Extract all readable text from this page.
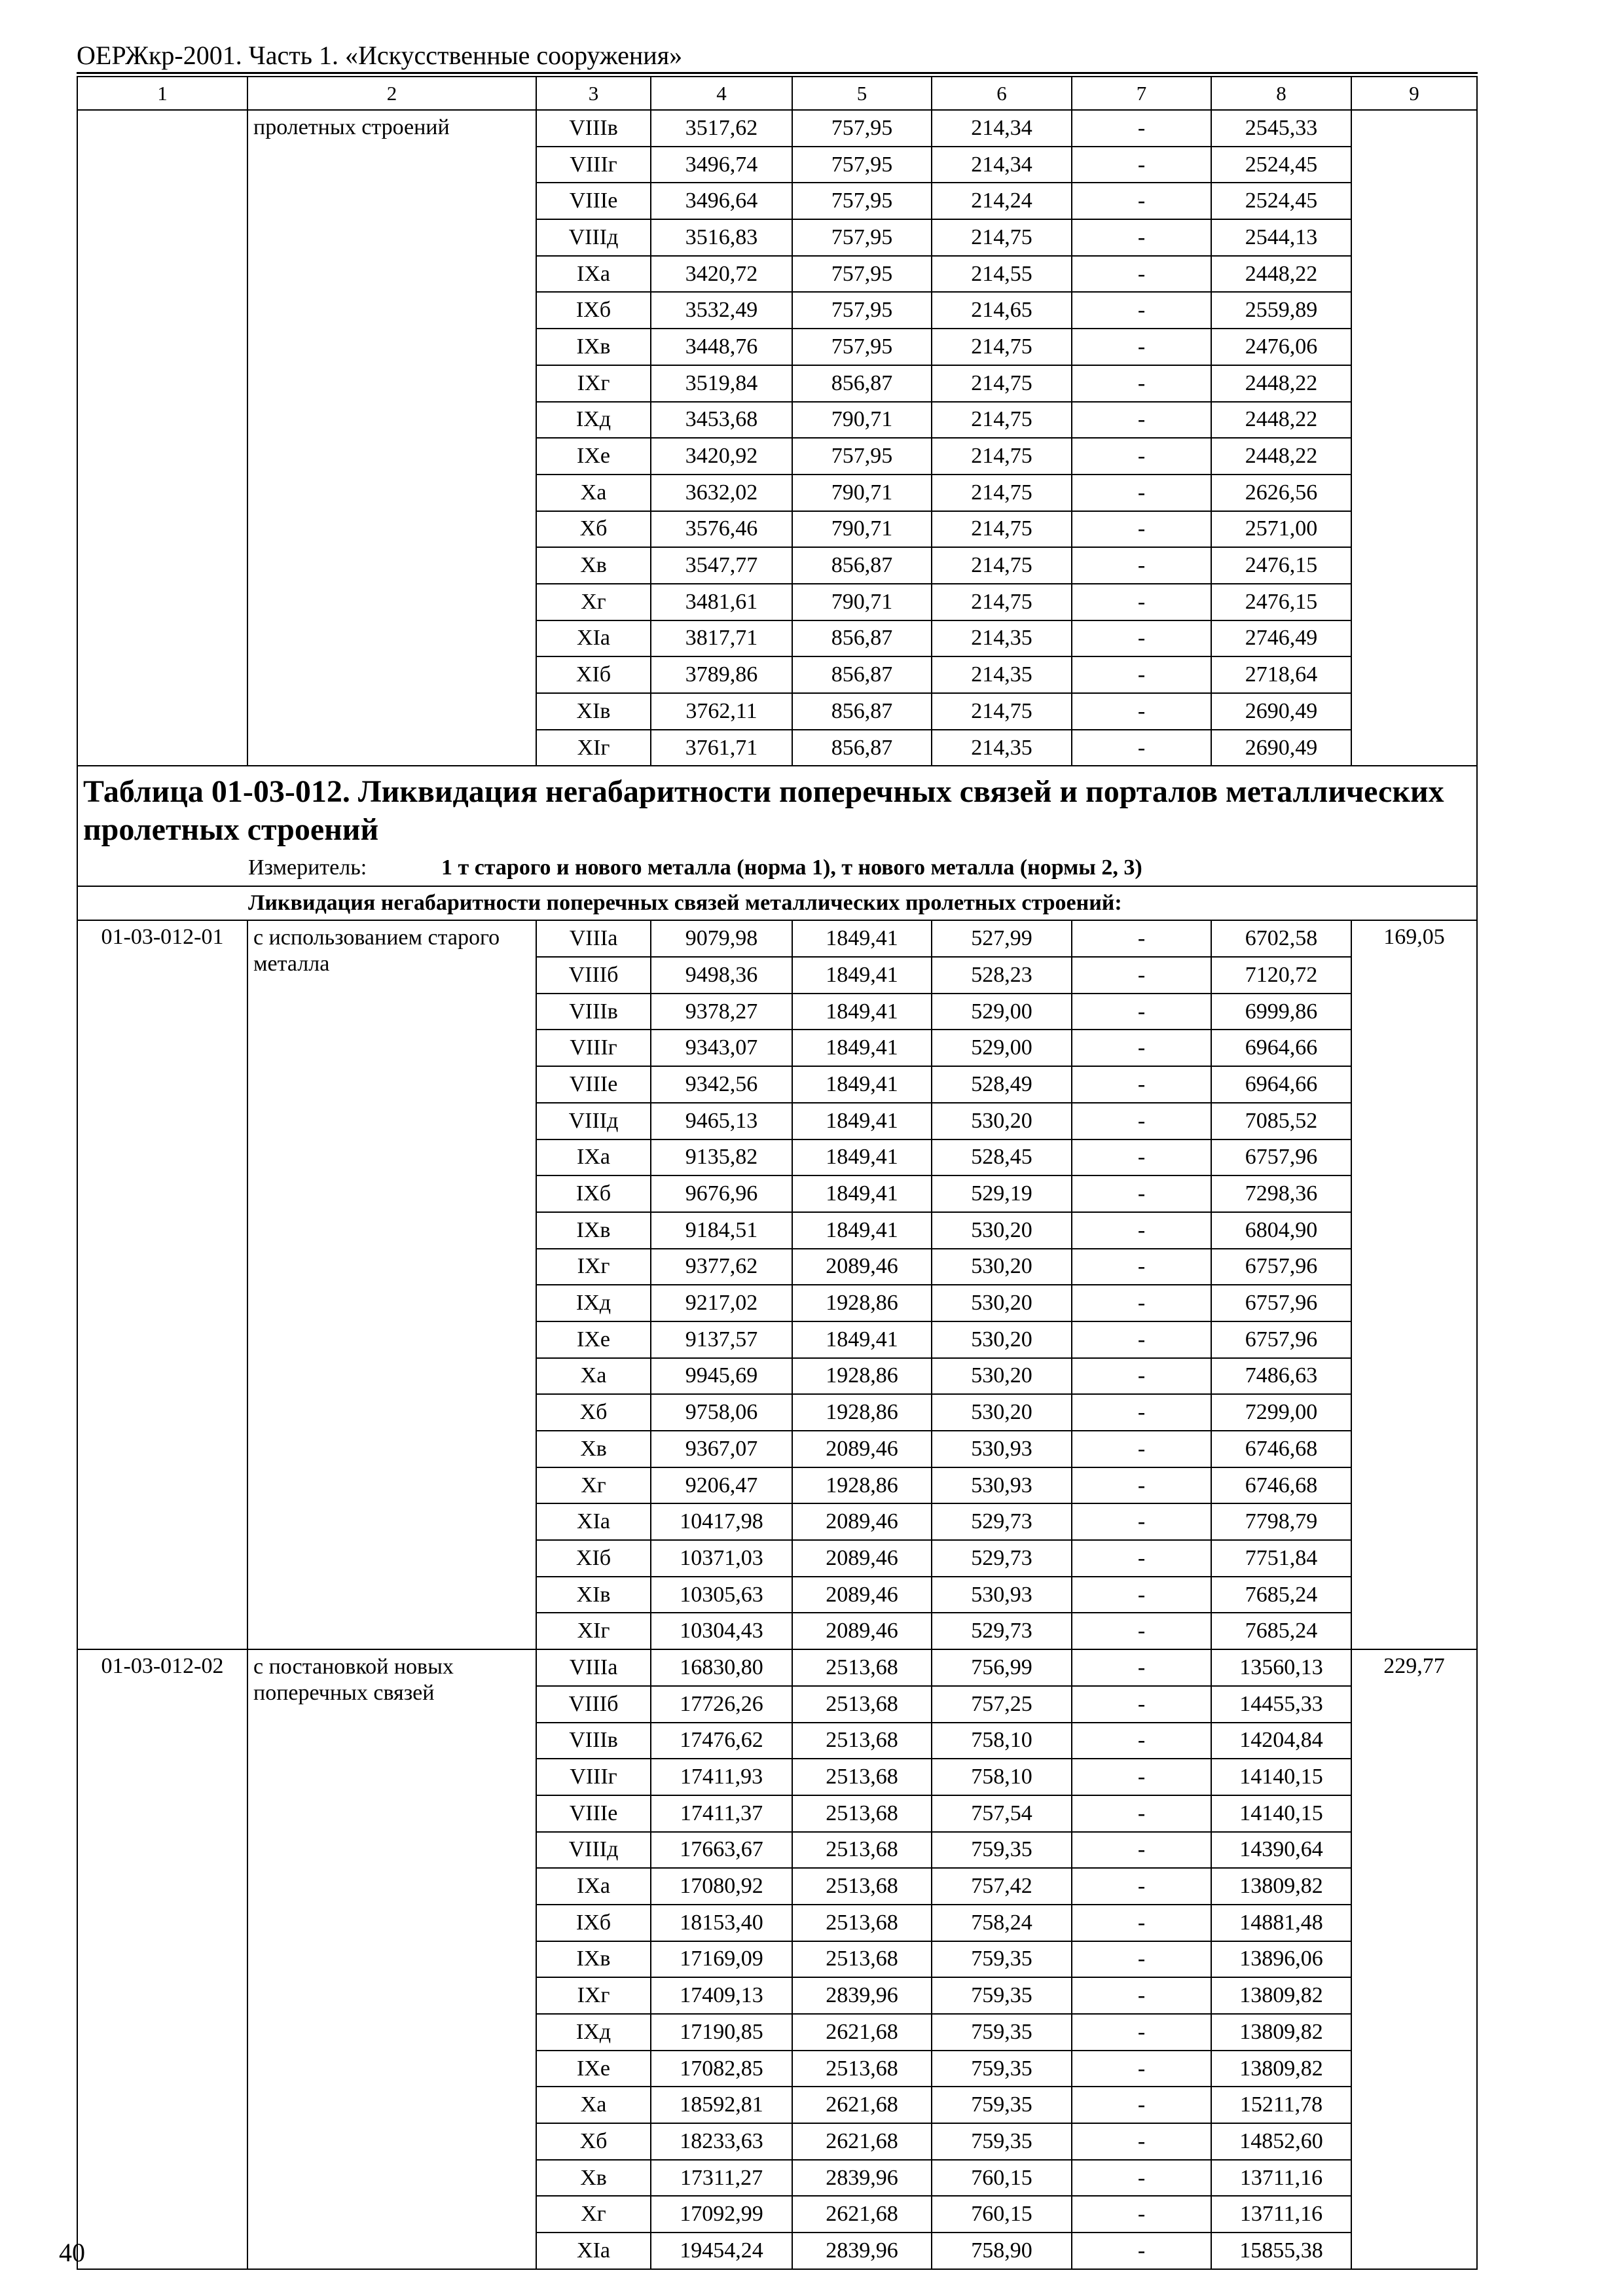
ОЕРЖкр-2001. Часть 1. «Искусственные сооружения»
1	2	3	4	5	6	7	8	9
	пролетных строений	VIIIв	3517,62	757,95	214,34	-	2545,33	
		VIIIг	3496,74	757,95	214,34	-	2524,45	
		VIIIе	3496,64	757,95	214,24	-	2524,45	
		VIIIд	3516,83	757,95	214,75	-	2544,13	
		IXа	3420,72	757,95	214,55	-	2448,22	
		IXб	3532,49	757,95	214,65	-	2559,89	
		IXв	3448,76	757,95	214,75	-	2476,06	
		IXг	3519,84	856,87	214,75	-	2448,22	
		IXд	3453,68	790,71	214,75	-	2448,22	
		IXе	3420,92	757,95	214,75	-	2448,22	
		Xа	3632,02	790,71	214,75	-	2626,56	
		Xб	3576,46	790,71	214,75	-	2571,00	
		Xв	3547,77	856,87	214,75	-	2476,15	
		Xг	3481,61	790,71	214,75	-	2476,15	
		XIа	3817,71	856,87	214,35	-	2746,49	
		XIб	3789,86	856,87	214,35	-	2718,64	
		XIв	3762,11	856,87	214,75	-	2690,49	
		XIг	3761,71	856,87	214,35	-	2690,49	

Таблица 01-03-012. Ликвидация негабаритности поперечных связей и порталов металлических пролетных строений
Измеритель: 1 т старого и нового металла (норма 1), т нового металла (нормы 2, 3)								

Ликвидация негабаритности поперечных связей металлических пролетных строений:								
01-03-012-01	с использованием старого металла	VIIIа	9079,98	1849,41	527,99	-	6702,58	169,05
		VIIIб	9498,36	1849,41	528,23	-	7120,72	
		VIIIв	9378,27	1849,41	529,00	-	6999,86	
		VIIIг	9343,07	1849,41	529,00	-	6964,66	
		VIIIе	9342,56	1849,41	528,49	-	6964,66	
		VIIIд	9465,13	1849,41	530,20	-	7085,52	
		IXа	9135,82	1849,41	528,45	-	6757,96	
		IXб	9676,96	1849,41	529,19	-	7298,36	
		IXв	9184,51	1849,41	530,20	-	6804,90	
		IXг	9377,62	2089,46	530,20	-	6757,96	
		IXд	9217,02	1928,86	530,20	-	6757,96	
		IXе	9137,57	1849,41	530,20	-	6757,96	
		Xа	9945,69	1928,86	530,20	-	7486,63	
		Xб	9758,06	1928,86	530,20	-	7299,00	
		Xв	9367,07	2089,46	530,93	-	6746,68	
		Xг	9206,47	1928,86	530,93	-	6746,68	
		XIа	10417,98	2089,46	529,73	-	7798,79	
		XIб	10371,03	2089,46	529,73	-	7751,84	
		XIв	10305,63	2089,46	530,93	-	7685,24	
		XIг	10304,43	2089,46	529,73	-	7685,24	
01-03-012-02	с постановкой новых поперечных связей	VIIIа	16830,80	2513,68	756,99	-	13560,13	229,77
		VIIIб	17726,26	2513,68	757,25	-	14455,33	
		VIIIв	17476,62	2513,68	758,10	-	14204,84	
		VIIIг	17411,93	2513,68	758,10	-	14140,15	
		VIIIе	17411,37	2513,68	757,54	-	14140,15	
		VIIIд	17663,67	2513,68	759,35	-	14390,64	
		IXа	17080,92	2513,68	757,42	-	13809,82	
		IXб	18153,40	2513,68	758,24	-	14881,48	
		IXв	17169,09	2513,68	759,35	-	13896,06	
		IXг	17409,13	2839,96	759,35	-	13809,82	
		IXд	17190,85	2621,68	759,35	-	13809,82	
		IXе	17082,85	2513,68	759,35	-	13809,82	
		Xа	18592,81	2621,68	759,35	-	15211,78	
		Xб	18233,63	2621,68	759,35	-	14852,60	
		Xв	17311,27	2839,96	760,15	-	13711,16	
		Xг	17092,99	2621,68	760,15	-	13711,16	
		XIа	19454,24	2839,96	758,90	-	15855,38	
40
